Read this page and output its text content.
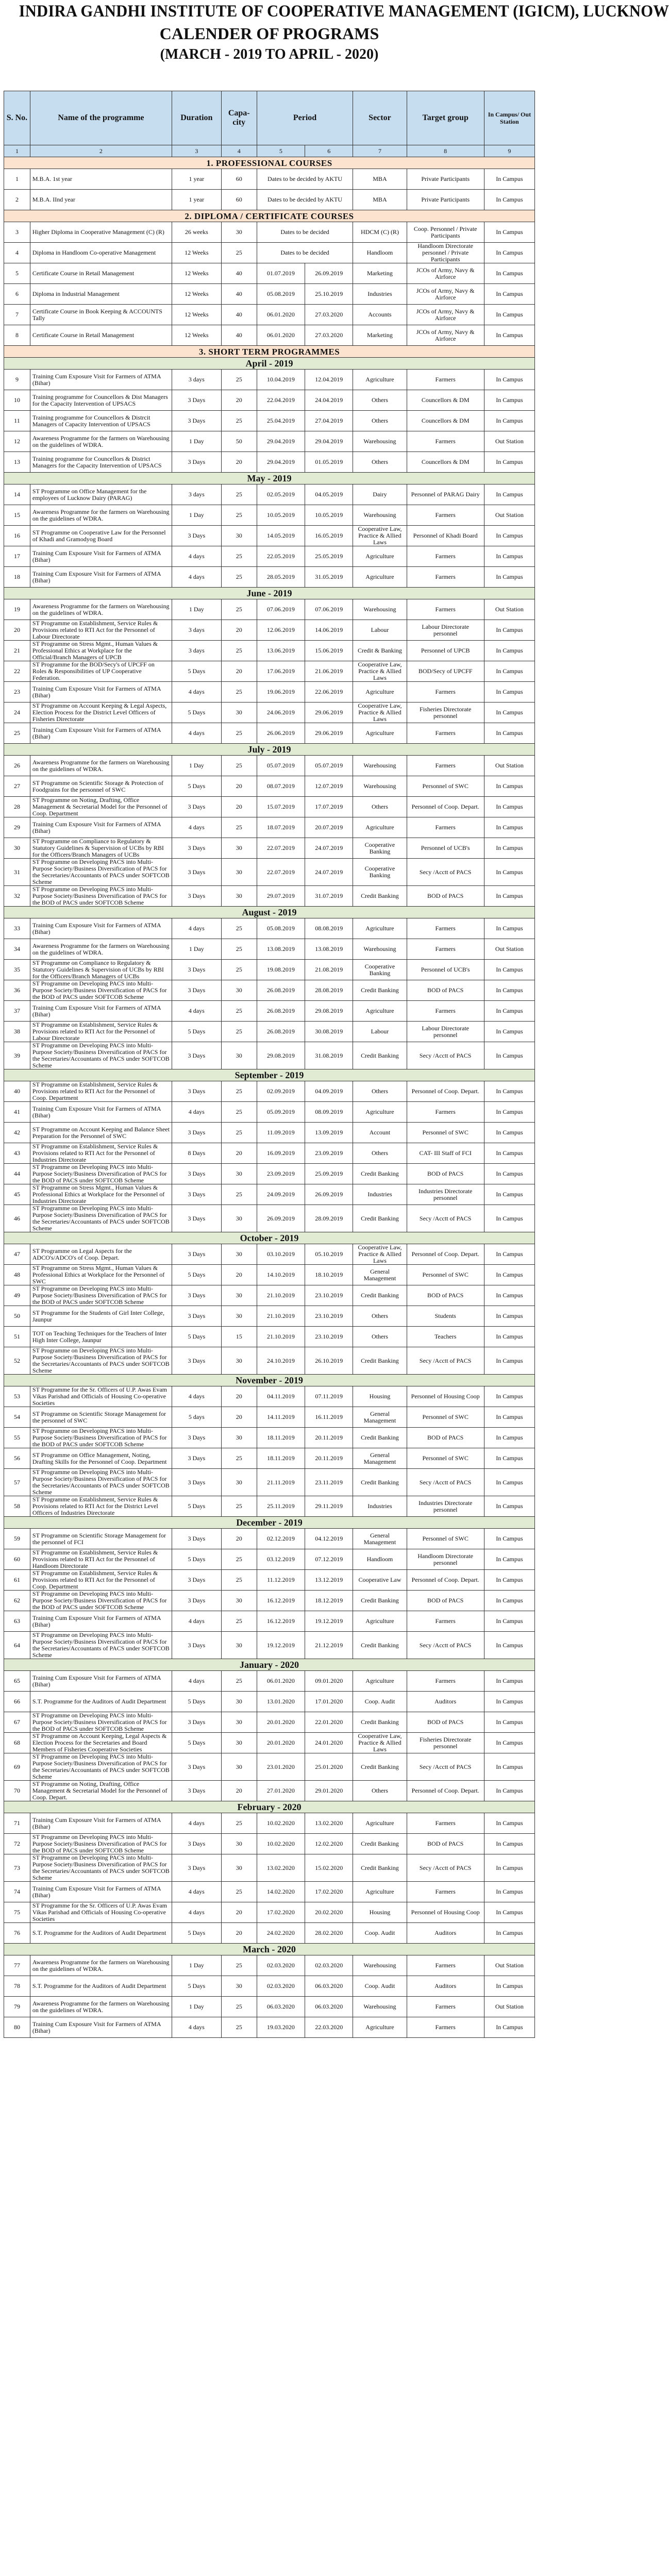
INDIRA GANDHI INSTITUTE OF COOPERATIVE MANAGEMENT (IGICM), LUCKNOW
CALENDER OF PROGRAMS
(MARCH - 2019 TO APRIL - 2020)
S. No.	Name of the programme	Duration	Capa-city	Period		Sector	Target group	In Campus/ Out Station
1	2	3	4	5	6	7	8	9
1. PROFESSIONAL COURSES								
1	M.B.A. 1st year	1 year	60	Dates to be decided by AKTU		MBA	Private Participants	In Campus
2	M.B.A. IInd year	1 year	60	Dates to be decided by AKTU		MBA	Private Participants	In Campus
2. DIPLOMA / CERTIFICATE COURSES								
3	Higher Diploma in Cooperative Management (C) (R)	26 weeks	30	Dates to be decided		HDCM (C) (R)	Coop. Personnel / Private Participants	In Campus
4	Diploma in Handloom Co-operative Management	12 Weeks	25	Dates to be decided		Handloom	Handloom Directorate personnel / Private Participants	In Campus
5	Certificate Course in Retail Management	12 Weeks	40	01.07.2019	26.09.2019	Marketing	JCOs of Army, Navy & Airforce	In Campus
6	Diploma in Industrial Management	12 Weeks	40	05.08.2019	25.10.2019	Industries	JCOs of Army, Navy & Airforce	In Campus
7	Certificate Course in Book Keeping & ACCOUNTS Tally	12 Weeks	40	06.01.2020	27.03.2020	Accounts	JCOs of Army, Navy & Airforce	In Campus
8	Certificate Course in Retail Management	12 Weeks	40	06.01.2020	27.03.2020	Marketing	JCOs of Army, Navy & Airforce	In Campus
3. SHORT TERM PROGRAMMES								
April - 2019								
9	Training Cum Exposure Visit for Farmers of ATMA (Bihar)	3 days	25	10.04.2019	12.04.2019	Agriculture	Farmers	In Campus
10	Training programme for Councellors & Dist Managers for the Capacity Intervention of UPSACS	3 Days	20	22.04.2019	24.04.2019	Others	Councellors & DM	In Campus
11	Training programme for Councellors & Distrcit Managers of Capacity Intervention of UPSACS	3 Days	25	25.04.2019	27.04.2019	Others	Councellors & DM	In Campus
12	Awareness Programme for the farmers on Warehousing on the guidelines of WDRA.	1 Day	50	29.04.2019	29.04.2019	Warehousing	Farmers	Out Station
13	Training programme for Councellors & District Managers for the Capacity Intervention of UPSACS	3 Days	20	29.04.2019	01.05.2019	Others	Councellors & DM	In Campus
May - 2019								
14	ST Programme on Office Management for the employees of Lucknow Dairy (PARAG)	3 days	25	02.05.2019	04.05.2019	Dairy	Personnel of PARAG Dairy	In Campus
15	Awareness Programme for the farmers on Warehousing on the guidelines of WDRA.	1 Day	25	10.05.2019	10.05.2019	Warehousing	Farmers	Out Station
16	ST Programme on Cooperative Law for the Personnel of Khadi and Gramodyog Board	3 Days	30	14.05.2019	16.05.2019	Cooperative Law, Practice & Allied Laws	Personnel of Khadi Board	In Campus
17	Training Cum Exposure Visit for Farmers of ATMA (Bihar)	4 days	25	22.05.2019	25.05.2019	Agriculture	Farmers	In Campus
18	Training Cum Exposure Visit for Farmers of ATMA (Bihar)	4 days	25	28.05.2019	31.05.2019	Agriculture	Farmers	In Campus
June - 2019								
19	Awareness Programme for the farmers on Warehousing on the guidelines of WDRA.	1 Day	25	07.06.2019	07.06.2019	Warehousing	Farmers	Out Station
20	ST Programme on Establishment, Service Rules & Provisions related to RTI Act for the Personnel of Labour Directorate	3 days	20	12.06.2019	14.06.2019	Labour	Labour Directorate personnel	In Campus
21	ST Programme on Stress Mgmt., Human Values & Professional Ethics at Workplace for the Official/Branch Managers of UPCB	3 days	25	13.06.2019	15.06.2019	Credit & Banking	Personnel of UPCB	In Campus
22	ST Programme for the BOD/Secy's of UPCFF on Roles & Responsibilities of UP Cooperative Federation.	5 Days	20	17.06.2019	21.06.2019	Cooperative Law, Practice & Allied Laws	BOD/Secy of UPCFF	In Campus
23	Training Cum Exposure Visit for Farmers of ATMA (Bihar)	4 days	25	19.06.2019	22.06.2019	Agriculture	Farmers	In Campus
24	ST Programme on Account Keeping & Legal Aspects, Election Process for the District Level Officers of Fisheries Directorate	5 Days	30	24.06.2019	29.06.2019	Cooperative Law, Practice & Allied Laws	Fisheries Directorate personnel	In Campus
25	Training Cum Exposure Visit for Farmers of ATMA (Bihar)	4 days	25	26.06.2019	29.06.2019	Agriculture	Farmers	In Campus
July - 2019								
26	Awareness Programme for the farmers on Warehousing on the guidelines of WDRA.	1 Day	25	05.07.2019	05.07.2019	Warehousing	Farmers	Out Station
27	ST Programme on Scientific Storage & Protection of Foodgrains for the personnel of SWC	5 Days	20	08.07.2019	12.07.2019	Warehousing	Personnel of SWC	In Campus
28	ST Programme on Noting, Drafting, Office Management & Secretarial Model for the Personnel of Coop. Department	3 Days	20	15.07.2019	17.07.2019	Others	Personnel of Coop. Depart.	In Campus
29	Training Cum Exposure Visit for Farmers of ATMA (Bihar)	4 days	25	18.07.2019	20.07.2019	Agriculture	Farmers	In Campus
30	ST Programme on Compliance to Regulatory & Statutory Guidelines & Supervision of UCBs by RBI for the Officers/Branch Managers of UCBs	3 Days	30	22.07.2019	24.07.2019	Cooperative Banking	Personnel of UCB's	In Campus
31	ST Programme on Developing PACS into Multi-Purpose Society/Business Diversification of PACS for the Secretaries/Accountants of PACS under SOFTCOB Scheme	3 Days	30	22.07.2019	24.07.2019	Cooperative Banking	Secy /Acctt of PACS	In Campus
32	ST Programme on Developing PACS into Multi-Purpose Society/Business Diversification of PACS for the BOD of PACS under SOFTCOB Scheme	3 Days	30	29.07.2019	31.07.2019	Credit Banking	BOD of PACS	In Campus
August - 2019								
33	Training Cum Exposure Visit for Farmers of ATMA (Bihar)	4 days	25	05.08.2019	08.08.2019	Agriculture	Farmers	In Campus
34	Awareness Programme for the farmers on Warehousing on the guidelines of WDRA.	1 Day	25	13.08.2019	13.08.2019	Warehousing	Farmers	Out Station
35	ST Programme on Compliance to Regulatory & Statutory Guidelines & Supervision of UCBs by RBI for the Officers/Branch Managers of UCBs	3 Days	25	19.08.2019	21.08.2019	Cooperative Banking	Personnel of UCB's	In Campus
36	ST Programme on Developing PACS into Multi-Purpose Society/Business Diversification of PACS for the BOD of PACS under SOFTCOB Scheme	3 Days	30	26.08.2019	28.08.2019	Credit Banking	BOD of PACS	In Campus
37	Training Cum Exposure Visit for Farmers of ATMA (Bihar)	4 days	25	26.08.2019	29.08.2019	Agriculture	Farmers	In Campus
38	ST Programme on Establishment, Service Rules & Provisions related to RTI Act for the Personnel of Labour Directorate	5 Days	25	26.08.2019	30.08.2019	Labour	Labour Directorate personnel	In Campus
39	ST Programme on Developing PACS into Multi-Purpose Society/Business Diversification of PACS for the Secretaries/Accountants of PACS under SOFTCOB Scheme	3 Days	30	29.08.2019	31.08.2019	Credit Banking	Secy /Acctt of PACS	In Campus
September - 2019								
40	ST Programme on Establishment, Service Rules & Provisions related to RTI Act for the Personnel of Coop. Department	3 Days	25	02.09.2019	04.09.2019	Others	Personnel of Coop. Depart.	In Campus
41	Training Cum Exposure Visit for Farmers of ATMA (Bihar)	4 days	25	05.09.2019	08.09.2019	Agriculture	Farmers	In Campus
42	ST Programme on Account Keeping and Balance Sheet Preparation for the Personnel of SWC	3 Days	25	11.09.2019	13.09.2019	Account	Personnel of SWC	In Campus
43	ST Programme on Establishment, Service Rules & Provisions related to RTI Act for the Personnel of Industries Directorate	8 Days	20	16.09.2019	23.09.2019	Others	CAT- III Staff of FCI	In Campus
44	ST Programme on Developing PACS into Multi-Purpose Society/Business Diversification of PACS for the BOD of PACS under SOFTCOB Scheme	3 Days	30	23.09.2019	25.09.2019	Credit Banking	BOD of PACS	In Campus
45	ST Programme on Stress Mgmt., Human Values & Professional Ethics at Workplace for the Personnel of Industries Directorate	3 Days	25	24.09.2019	26.09.2019	Industries	Industries Directorate personnel	In Campus
46	ST Programme on Developing PACS into Multi-Purpose Society/Business Diversification of PACS for the Secretaries/Accountants of PACS under SOFTCOB Scheme	3 Days	30	26.09.2019	28.09.2019	Credit Banking	Secy /Acctt of PACS	In Campus
October - 2019								
47	ST Programme on Legal Aspects for the ADCO's/ADCO's of Coop. Depart.	3 Days	30	03.10.2019	05.10.2019	Cooperative Law, Practice & Allied Laws	Personnel of Coop. Depart.	In Campus
48	ST Programme on Stress Mgmt., Human Values & Professional Ethics at Workplace for the Personnel of SWC	5 Days	20	14.10.2019	18.10.2019	General Management	Personnel of SWC	In Campus
49	ST Programme on Developing PACS into Multi-Purpose Society/Business Diversification of PACS for the BOD of PACS under SOFTCOB Scheme	3 Days	30	21.10.2019	23.10.2019	Credit Banking	BOD of PACS	In Campus
50	ST Programme for the Students of Girl Inter College, Jaunpur	3 Days	30	21.10.2019	23.10.2019	Others	Students	In Campus
51	TOT on Teaching Techniques for the Teachers of Inter High Inter College, Jaunpur	5 Days	15	21.10.2019	23.10.2019	Others	Teachers	In Campus
52	ST Programme on Developing PACS into Multi-Purpose Society/Business Diversification of PACS for the Secretaries/Accountants of PACS under SOFTCOB Scheme	3 Days	30	24.10.2019	26.10.2019	Credit Banking	Secy /Acctt of PACS	In Campus
November - 2019								
53	ST Programme for the Sr. Officers of U.P. Awas Evam Vikas Parishad and Officials of Housing Co-operative Societies	4 days	20	04.11.2019	07.11.2019	Housing	Personnel of Housing Coop	In Campus
54	ST Programme on Scientific Storage Management for the personnel of SWC	5 days	20	14.11.2019	16.11.2019	General Management	Personnel of SWC	In Campus
55	ST Programme on Developing PACS into Multi-Purpose Society/Business Diversification of PACS for the BOD of PACS under SOFTCOB Scheme	3 Days	30	18.11.2019	20.11.2019	Credit Banking	BOD of PACS	In Campus
56	ST Programme on Office Management, Noting, Drafting Skills for the Personnel of Coop. Department	3 Days	25	18.11.2019	20.11.2019	General Management	Personnel of SWC	In Campus
57	ST Programme on Developing PACS into Multi-Purpose Society/Business Diversification of PACS for the Secretaries/Accountants of PACS under SOFTCOB Scheme	3 Days	30	21.11.2019	23.11.2019	Credit Banking	Secy /Acctt of PACS	In Campus
58	ST Programme on Establishment, Service Rules & Provisions related to RTI Act for the District Level Officers of Industries Directorate	5 Days	25	25.11.2019	29.11.2019	Industries	Industries Directorate personnel	In Campus
December - 2019								
59	ST Programme on Scientific Storage Management for the personnel of FCI	3 Days	20	02.12.2019	04.12.2019	General Management	Personnel of SWC	In Campus
60	ST Programme on Establishment, Service Rules & Provisions related to RTI Act for the Personnel of Handloom Directorate	5 Days	25	03.12.2019	07.12.2019	Handloom	Handloom Directorate personnel	In Campus
61	ST Programme on Establishment, Service Rules & Provisions related to RTI Act for the Personnel of Coop. Department	3 Days	25	11.12.2019	13.12.2019	Cooperative Law	Personnel of Coop. Depart.	In Campus
62	ST Programme on Developing PACS into Multi-Purpose Society/Business Diversification of PACS for the BOD of PACS under SOFTCOB Scheme	3 Days	30	16.12.2019	18.12.2019	Credit Banking	BOD of PACS	In Campus
63	Training Cum Exposure Visit for Farmers of ATMA (Bihar)	4 days	25	16.12.2019	19.12.2019	Agriculture	Farmers	In Campus
64	ST Programme on Developing PACS into Multi-Purpose Society/Business Diversification of PACS for the Secretaries/Accountants of PACS under SOFTCOB Scheme	3 Days	30	19.12.2019	21.12.2019	Credit Banking	Secy /Acctt of PACS	In Campus
January - 2020								
65	Training Cum Exposure Visit for Farmers of ATMA (Bihar)	4 days	25	06.01.2020	09.01.2020	Agriculture	Farmers	In Campus
66	S.T. Programme for the Auditors of Audit Department	5 Days	30	13.01.2020	17.01.2020	Coop. Audit	Auditors	In Campus
67	ST Programme on Developing PACS into Multi-Purpose Society/Business Diversification of PACS for the BOD of PACS under SOFTCOB Scheme	3 Days	30	20.01.2020	22.01.2020	Credit Banking	BOD of PACS	In Campus
68	ST Programme on Account Keeping, Legal Aspects & Election Process for the Secretaries and Board Members of Fisheries Cooperative Societies	5 Days	30	20.01.2020	24.01.2020	Cooperative Law, Practice & Allied Laws	Fisheries Directorate personnel	In Campus
69	ST Programme on Developing PACS into Multi-Purpose Society/Business Diversification of PACS for the Secretaries/Accountants of PACS under SOFTCOB Scheme	3 Days	30	23.01.2020	25.01.2020	Credit Banking	Secy /Acctt of PACS	In Campus
70	ST Programme on Noting, Drafting, Office Management & Secretarial Model for the Personnel of Coop. Depart.	3 Days	20	27.01.2020	29.01.2020	Others	Personnel of Coop. Depart.	In Campus
February - 2020								
71	Training Cum Exposure Visit for Farmers of ATMA (Bihar)	4 days	25	10.02.2020	13.02.2020	Agriculture	Farmers	In Campus
72	ST Programme on Developing PACS into Multi-Purpose Society/Business Diversification of PACS for the BOD of PACS under SOFTCOB Scheme	3 Days	30	10.02.2020	12.02.2020	Credit Banking	BOD of PACS	In Campus
73	ST Programme on Developing PACS into Multi-Purpose Society/Business Diversification of PACS for the Secretaries/Accountants of PACS under SOFTCOB Scheme	3 Days	30	13.02.2020	15.02.2020	Credit Banking	Secy /Acctt of PACS	In Campus
74	Training Cum Exposure Visit for Farmers of ATMA (Bihar)	4 days	25	14.02.2020	17.02.2020	Agriculture	Farmers	In Campus
75	ST Programme for the Sr. Officers of U.P. Awas Evam Vikas Parishad and Officials of Housing Co-operative Societies	4 days	20	17.02.2020	20.02.2020	Housing	Personnel of Housing Coop	In Campus
76	S.T. Programme for the Auditors of Audit Department	5 Days	20	24.02.2020	28.02.2020	Coop. Audit	Auditors	In Campus
March - 2020								
77	Awareness Programme for the farmers on Warehousing on the guidelines of WDRA.	1 Day	25	02.03.2020	02.03.2020	Warehousing	Farmers	Out Station
78	S.T. Programme for the Auditors of Audit Department	5 Days	30	02.03.2020	06.03.2020	Coop. Audit	Auditors	In Campus
79	Awareness Programme for the farmers on Warehousing on the guidelines of WDRA.	1 Day	25	06.03.2020	06.03.2020	Warehousing	Farmers	Out Station
80	Training Cum Exposure Visit for Farmers of ATMA (Bihar)	4 days	25	19.03.2020	22.03.2020	Agriculture	Farmers	In Campus
